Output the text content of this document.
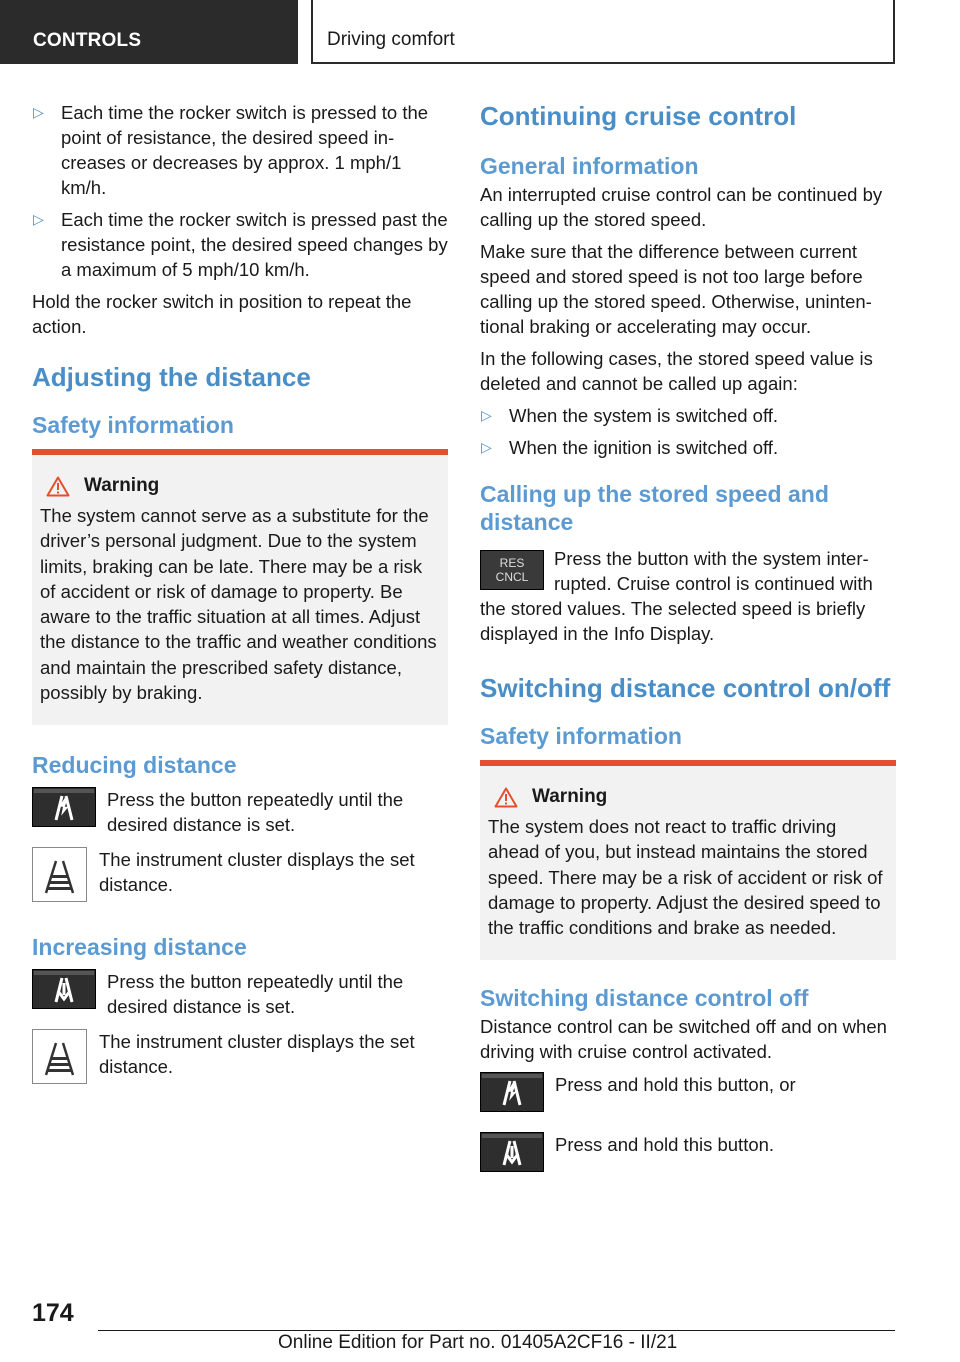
CONTROLS	Driving comfort
▷ Each time the rocker switch is pressed to the point of resistance, the desired speed increases or decreases by approx. 1 mph/1 km/h.
▷ Each time the rocker switch is pressed past the resistance point, the desired speed changes by a maximum of 5 mph/10 km/h.

Hold the rocker switch in position to repeat the action.

Adjusting the distance
Safety information
Warning

The system cannot serve as a substitute for the driver’s personal judgment. Due to the system limits, braking can be late. There may be a risk of accident or risk of damage to property. Be aware to the traffic situation at all times. Adjust the distance to the traffic and weather conditions and maintain the prescribed safety distance, possibly by braking.

Reducing distance
Press the button repeatedly until the desired distance is set.
The instrument cluster displays the set distance.
Increasing distance
Press the button repeatedly until the desired distance is set.
The instrument cluster displays the set distance.
Continuing cruise control
General information

An interrupted cruise control can be continued by calling up the stored speed.

Make sure that the difference between current speed and stored speed is not too large before calling up the stored speed. Otherwise, unintentional braking or accelerating may occur.

In the following cases, the stored speed value is deleted and cannot be called up again:

▷ When the system is switched off.
▷ When the ignition is switched off.
Calling up the stored speed and distance
RES
CNCL

Press the button with the system interrupted. Cruise control is continued with the stored values. The selected speed is briefly displayed in the Info Display.

Switching distance control on/off
Safety information
Warning

The system does not react to traffic driving ahead of you, but instead maintains the stored speed. There may be a risk of accident or risk of damage to property. Adjust the desired speed to the traffic conditions and brake as needed.

Switching distance control off

Distance control can be switched off and on when driving with cruise control activated.

Press and hold this button, or
Press and hold this button.
174
Online Edition for Part no. 01405A2CF16 - II/21
